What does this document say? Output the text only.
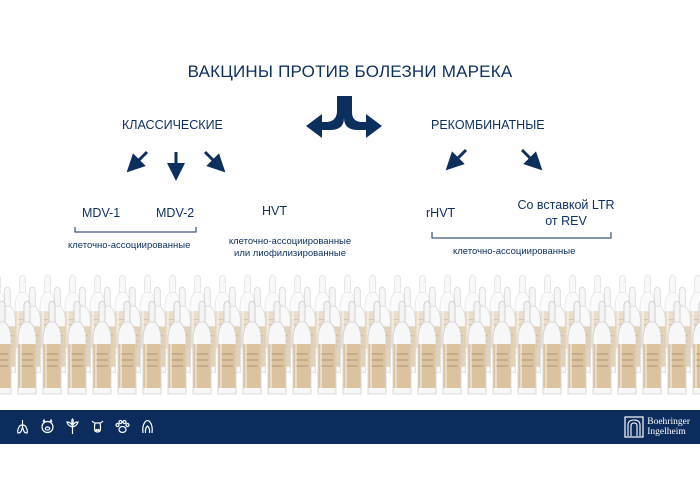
ВАКЦИНЫ ПРОТИВ БОЛЕЗНИ МАРЕКА
КЛАССИЧЕСКИЕ	РЕКОМБИНАТНЫЕ
MDV-1	MDV-2	HVT	rHVT
Со вставкой LTR
от REV
клеточно-ассоциированные	клеточно-ассоциированные
или лиофилизированные	клеточно-ассоциированные
Boehringer
Ingelheim
